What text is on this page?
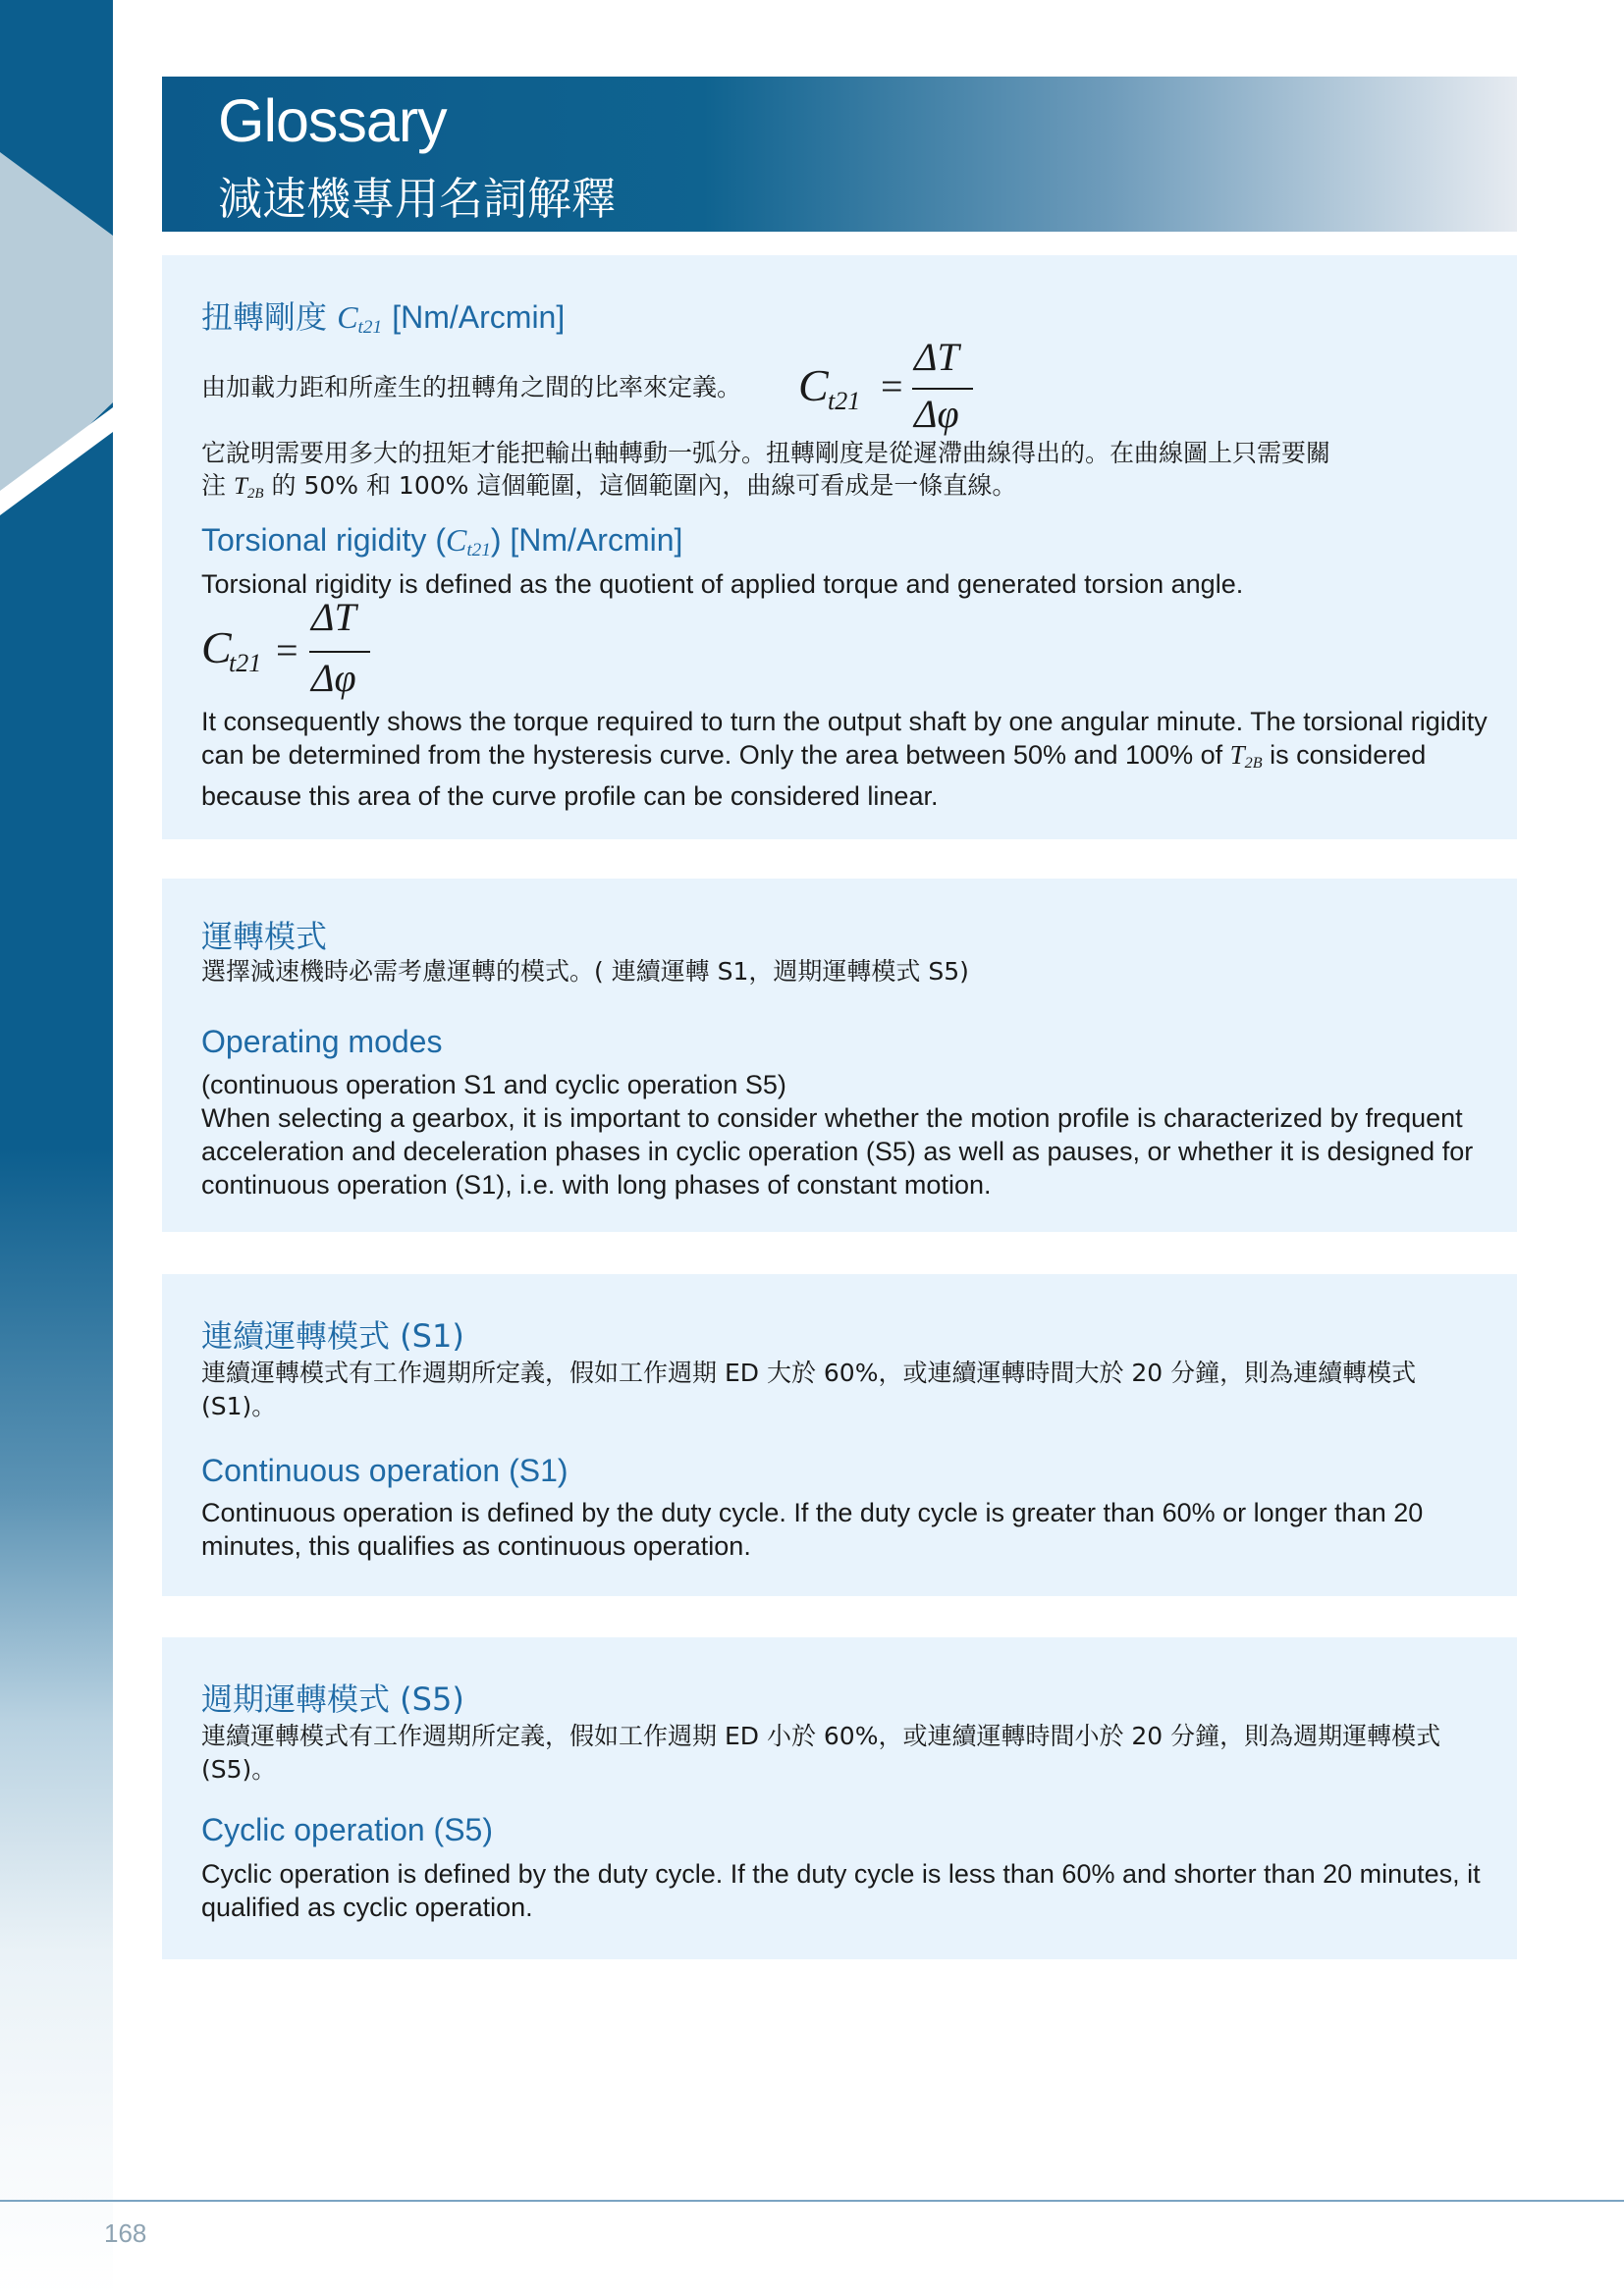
Glossary
減速機專用名詞解釋
扭轉剛度 $C_{t21}$ [Nm/Arcmin]
由加載力距和所產生的扭轉角之間的比率來定義。	C t21 =
ΔT
Δφ
它說明需要用多大的扭矩才能把輸出軸轉動一弧分。扭轉剛度是從遲滯曲線得出的。在曲線圖上只需要關
注 $T_{2B}$ 的 50% 和 100% 這個範圍，這個範圍內，曲線可看成是一條直線。
Torsional rigidity $(C_{t21})$ [Nm/Arcmin]
Torsional rigidity is defined as the quotient of applied torque and generated torsion angle.
C
t21 =
ΔT
Δφ
It consequently shows the torque required to turn the output shaft by one angular minute. The torsional rigidity can be determined from the hysteresis curve. Only the area between 50% and 100% of $T_{2B}$ is considered because this area of the curve profile can be considered linear.
運轉模式
選擇減速機時必需考慮運轉的模式。( 連續運轉 S1，週期運轉模式 S5)
Operating modes
(continuous operation S1 and cyclic operation S5)
When selecting a gearbox, it is important to consider whether the motion profile is characterized by frequent acceleration and deceleration phases in cyclic operation (S5) as well as pauses, or whether it is designed for continuous operation (S1), i.e. with long phases of constant motion.
連續運轉模式 (S1)
連續運轉模式有工作週期所定義，假如工作週期 ED 大於 60%，或連續運轉時間大於 20 分鐘，則為連續轉模式 (S1)。
Continuous operation (S1)
Continuous operation is defined by the duty cycle. If the duty cycle is greater than 60% or longer than 20 minutes, this qualifies as continuous operation.
週期運轉模式 (S5)
連續運轉模式有工作週期所定義，假如工作週期 ED 小於 60%，或連續運轉時間小於 20 分鐘，則為週期運轉模式 (S5)。
Cyclic operation (S5)
Cyclic operation is defined by the duty cycle. If the duty cycle is less than 60% and shorter than 20 minutes, it qualified as cyclic operation.
168
